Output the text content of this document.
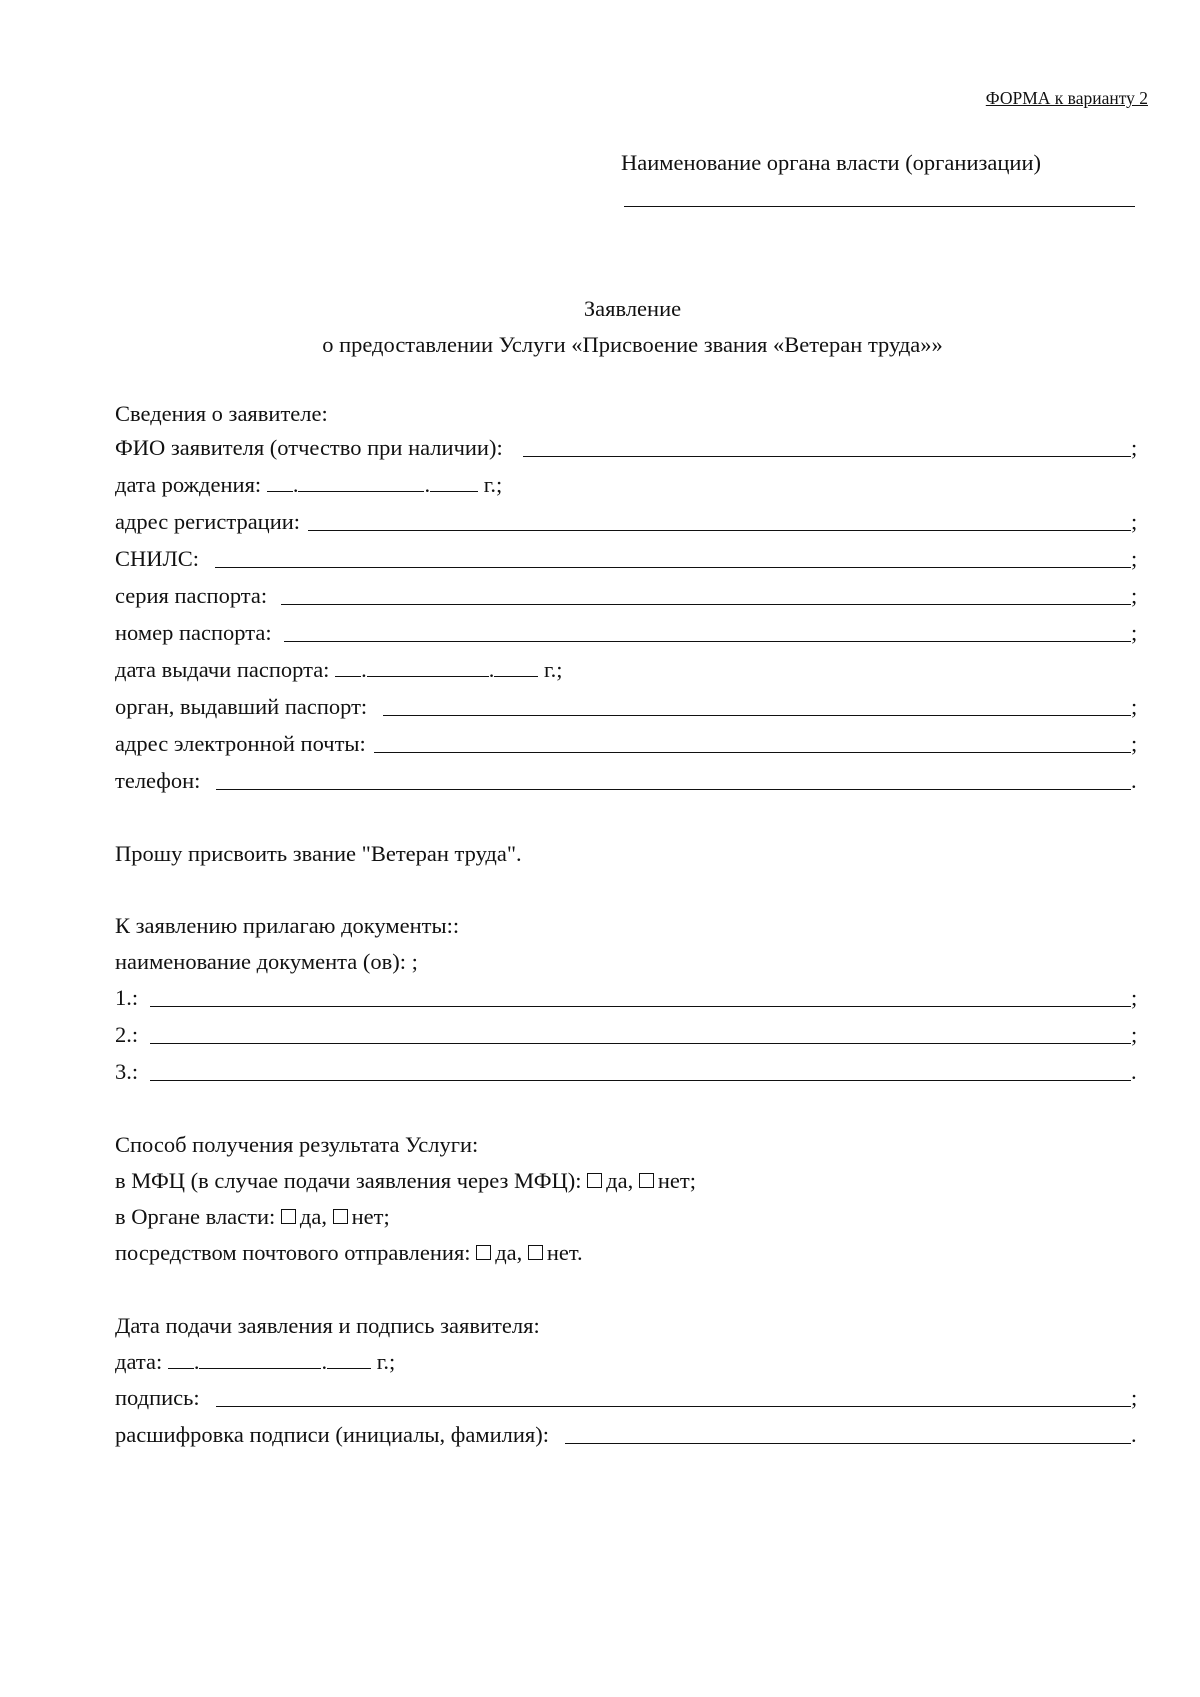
ФОРМА к варианту 2
Наименование органа власти (организации)
Заявление
о предоставлении Услуги «Присвоение звания «Ветеран труда»»
Сведения о заявителе:
ФИО заявителя (отчество при наличии):	;
дата рождения: .	. г.;
адрес регистрации:	;
СНИЛС:	;
серия паспорта:	;
номер паспорта:	;
дата выдачи паспорта: .	. г.;
орган, выдавший паспорт:	;
адрес электронной почты:	;
телефон:	.
Прошу присвоить звание "Ветеран труда".
К заявлению прилагаю документы::
наименование документа (ов): ;
1.:	;
2.:	;
3.:	.
Способ получения результата Услуги:
в МФЦ (в случае подачи заявления через МФЦ): да, нет;
в Органе власти: да, нет;
посредством почтового отправления: да, нет.
Дата подачи заявления и подпись заявителя:
дата: .	. г.;
подпись:	;
расшифровка подписи (инициалы, фамилия):	.
